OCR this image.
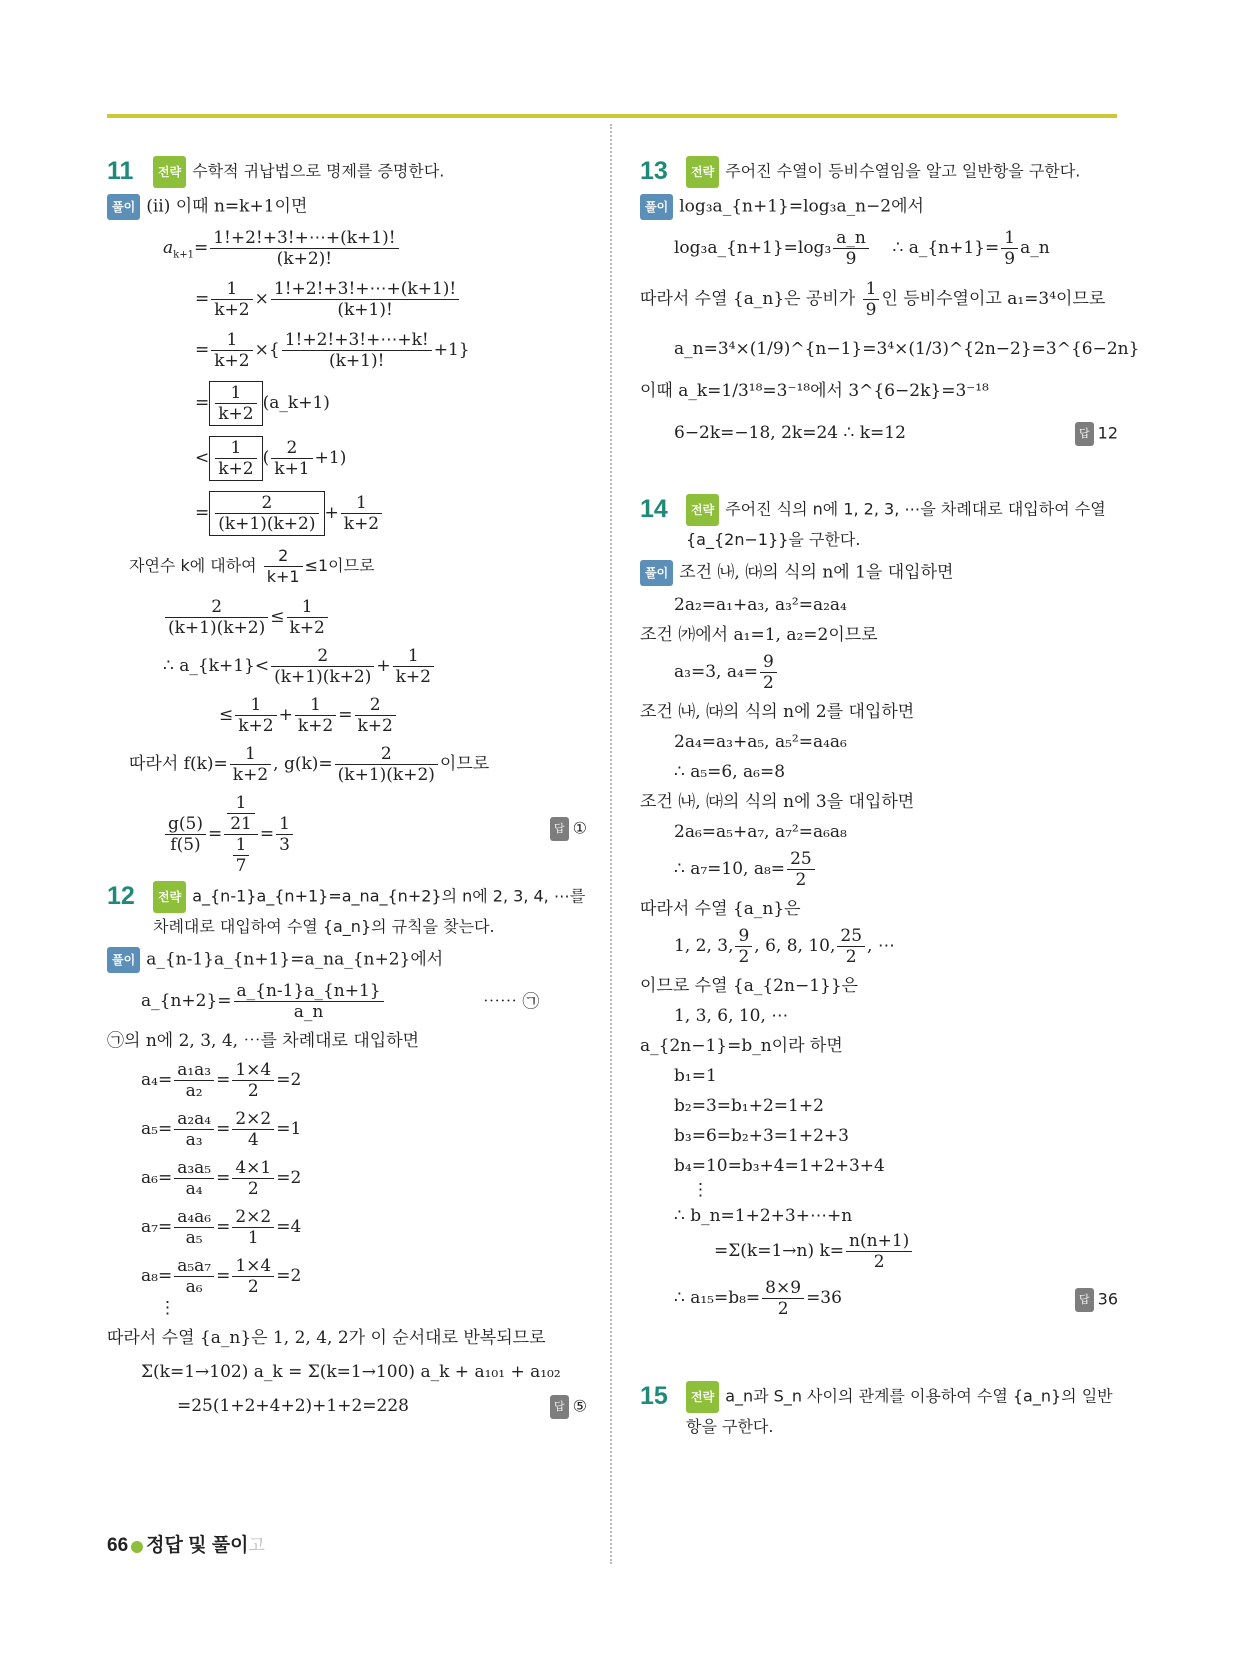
11	전략 수학적 귀납법으로 명제를 증명한다.
풀이 (ii) 이때 n=k+1이면
$a_{k+1}= \frac{1!+2!+3!+\cdots+(k+1)!}{(k+2)!}$
= $\frac{1}{k+2} \times \frac{1!+2!+3!+\cdots+(k+1)!}{(k+1)!}$
= $\frac{1}{k+2}$ ×{ $\frac{1!+2!+3!+\cdots+k!}{(k+1)!} +1$}
= $\frac{1}{k+2}$ (a_k+1)
< $\frac{1}{k+2}$ ( $\frac{2}{k+1} +1$)
= $\frac{2}{(k+1)(k+2)} + \frac{1}{k+2}$
자연수 k에 대하여 $\frac{2}{k+1} \le 1$이므로
$\frac{2}{(k+1)(k+2)} \le \frac{1}{k+2}$
∴ a_{k+1}< $\frac{2}{(k+1)(k+2)} + \frac{1}{k+2}$
≤ $\frac{1}{k+2} + \frac{1}{k+2} = \frac{2}{k+2}$
따라서 $f(k)= \frac{1}{k+2}$ , $g(k)= \frac{2}{(k+1)(k+2)}$ 이므로
$\frac{g(5)}{f(5)} = \frac{\frac{1}{21}}{\frac{1}{7}} = \frac{1}{3}$	답 ①
12	전략 a_{n-1}a_{n+1}=a_na_{n+2}의 n에 2, 3, 4, ⋯를 차례대로 대입하여 수열 {a_n}의 규칙을 찾는다.
풀이 a_{n-1}a_{n+1}=a_na_{n+2}에서
a_{n+2}= $\frac{a\_\{n-1\}a\_\{n+1\}}{a\_n}$	⋯⋯ ㉠
㉠의 n에 2, 3, 4, ⋯를 차례대로 대입하면
$a_4= \frac{\text{a₁a₃}}{\text{a₂}} = \frac{1\times 4}{2} =2$
$a_5= \frac{\text{a₂a₄}}{\text{a₃}} = \frac{2\times 2}{4} =1$
$a_6= \frac{\text{a₃a₅}}{\text{a₄}} = \frac{4\times 1}{2} =2$
$a_7= \frac{\text{a₄a₆}}{\text{a₅}} = \frac{2\times 2}{1} =4$
$a_8= \frac{\text{a₅a₇}}{\text{a₆}} = \frac{1\times 4}{2} =2$
⋮
따라서 수열 {a_n}은 1, 2, 4, 2가 이 순서대로 반복되므로
Σ(k=1→102) a_k = Σ(k=1→100) a_k + a₁₀₁ + a₁₀₂
=25(1+2+4+2)+1+2=228	답 ⑤
13	전략 주어진 수열이 등비수열임을 알고 일반항을 구한다.
풀이 log₃a_{n+1}=log₃a_n−2에서
log₃a_{n+1}=log₃ $\frac{a\_n}{9}$ ∴ a_{n+1}= $\frac{1}{9}$ a_n
따라서 수열 {a_n}은 공비가 $\frac{1}{9}$ 인 등비수열이고 a₁=3⁴이므로
a_n=3⁴×(1/9)^{n−1}=3⁴×(1/3)^{2n−2}=3^{6−2n}
이때 a_k=1/3¹⁸=3⁻¹⁸에서 3^{6−2k}=3⁻¹⁸
6−2k=−18, 2k=24 ∴ k=12	답 12
14	전략 주어진 식의 n에 1, 2, 3, ⋯을 차례대로 대입하여 수열 {a_{2n−1}}을 구한다.
풀이 조건 ㈏, ㈐의 식의 n에 1을 대입하면
2a₂=a₁+a₃, a₃²=a₂a₄
조건 ㈎에서 a₁=1, a₂=2이므로
a₃=3, $a_4= \frac{9}{2}$
조건 ㈏, ㈐의 식의 n에 2를 대입하면
2a₄=a₃+a₅, a₅²=a₄a₆
∴ a₅=6, a₆=8
조건 ㈏, ㈐의 식의 n에 3을 대입하면
2a₆=a₅+a₇, a₇²=a₆a₈
∴ a₇=10, $a_8= \frac{25}{2}$
따라서 수열 {a_n}은
1, 2, 3, $\frac{9}{2}$ , 6, 8, 10, $\frac{25}{2}$ , ⋯
이므로 수열 {a_{2n−1}}은
1, 3, 6, 10, ⋯
a_{2n−1}=b_n이라 하면
b₁=1
b₂=3=b₁+2=1+2
b₃=6=b₂+3=1+2+3
b₄=10=b₃+4=1+2+3+4
⋮
∴ b_n=1+2+3+⋯+n
=Σ(k=1→n) $k= \frac{n(n+1)}{2}$
∴ $a_{15}=b_8= \frac{8\times 9}{2} =36$	답 36
15	전략 a_n과 S_n 사이의 관계를 이용하여 수열 {a_n}의 일반항을 구한다.
66 정답 및 풀이고
